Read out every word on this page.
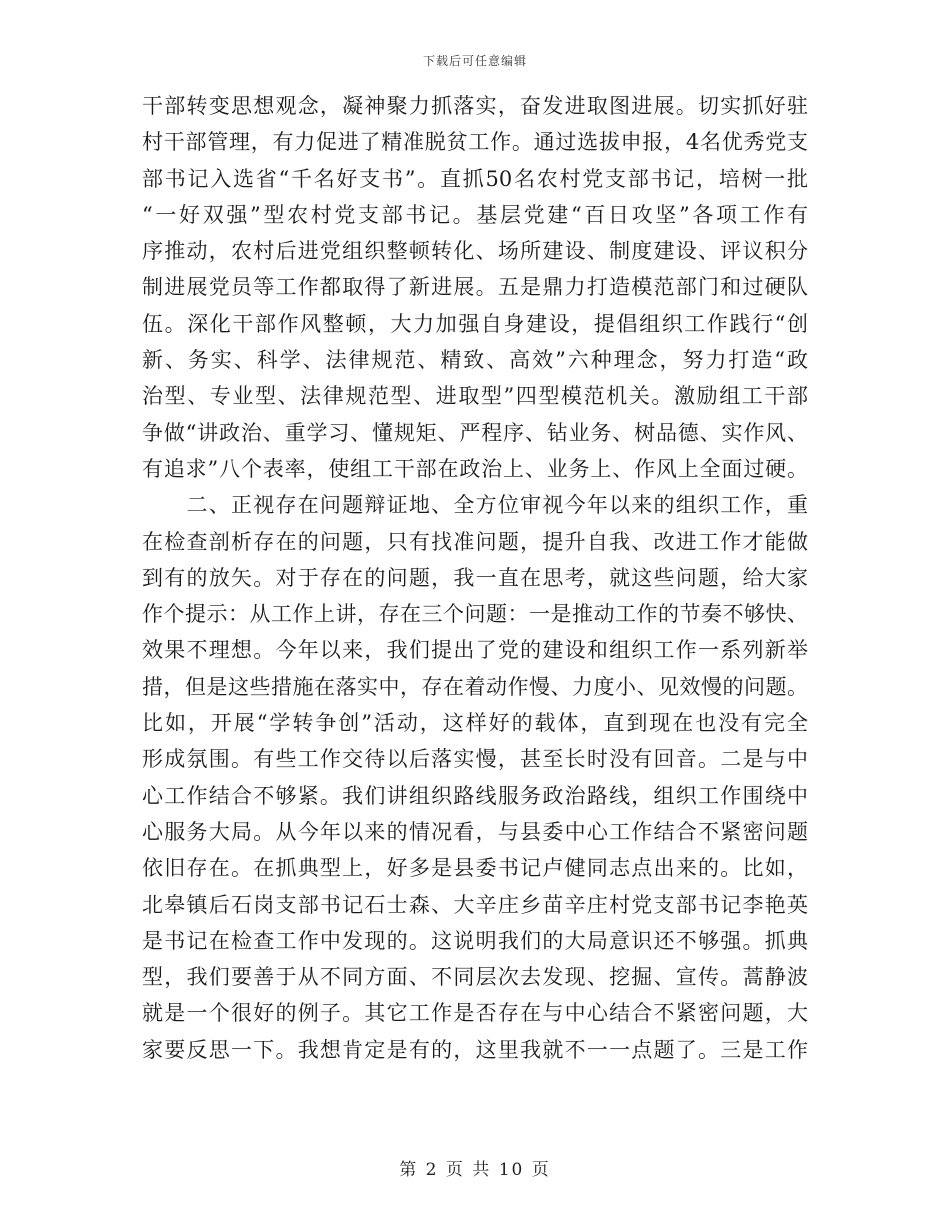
下载后可任意编辑
干部转变思想观念，凝神聚力抓落实，奋发进取图进展。切实抓好驻
村干部管理，有力促进了精准脱贫工作。通过选拔申报，4名优秀党支
部书记入选省“千名好支书”。直抓50名农村党支部书记，培树一批
“一好双强”型农村党支部书记。基层党建“百日攻坚”各项工作有
序推动，农村后进党组织整顿转化、场所建设、制度建设、评议积分
制进展党员等工作都取得了新进展。五是鼎力打造模范部门和过硬队
伍。深化干部作风整顿，大力加强自身建设，提倡组织工作践行“创
新、务实、科学、法律规范、精致、高效”六种理念，努力打造“政
治型、专业型、法律规范型、进取型”四型模范机关。激励组工干部
争做“讲政治、重学习、懂规矩、严程序、钻业务、树品德、实作风、
有追求”八个表率，使组工干部在政治上、业务上、作风上全面过硬。
　　二、正视存在问题辩证地、全方位审视今年以来的组织工作，重
在检查剖析存在的问题，只有找准问题，提升自我、改进工作才能做
到有的放矢。对于存在的问题，我一直在思考，就这些问题，给大家
作个提示：从工作上讲，存在三个问题：一是推动工作的节奏不够快、
效果不理想。今年以来，我们提出了党的建设和组织工作一系列新举
措，但是这些措施在落实中，存在着动作慢、力度小、见效慢的问题。
比如，开展“学转争创”活动，这样好的载体，直到现在也没有完全
形成氛围。有些工作交待以后落实慢，甚至长时没有回音。二是与中
心工作结合不够紧。我们讲组织路线服务政治路线，组织工作围绕中
心服务大局。从今年以来的情况看，与县委中心工作结合不紧密问题
依旧存在。在抓典型上，好多是县委书记卢健同志点出来的。比如，
北皋镇后石岗支部书记石士森、大辛庄乡苗辛庄村党支部书记李艳英
是书记在检查工作中发现的。这说明我们的大局意识还不够强。抓典
型，我们要善于从不同方面、不同层次去发现、挖掘、宣传。蒿静波
就是一个很好的例子。其它工作是否存在与中心结合不紧密问题，大
家要反思一下。我想肯定是有的，这里我就不一一点题了。三是工作
第 2 页 共 10 页
